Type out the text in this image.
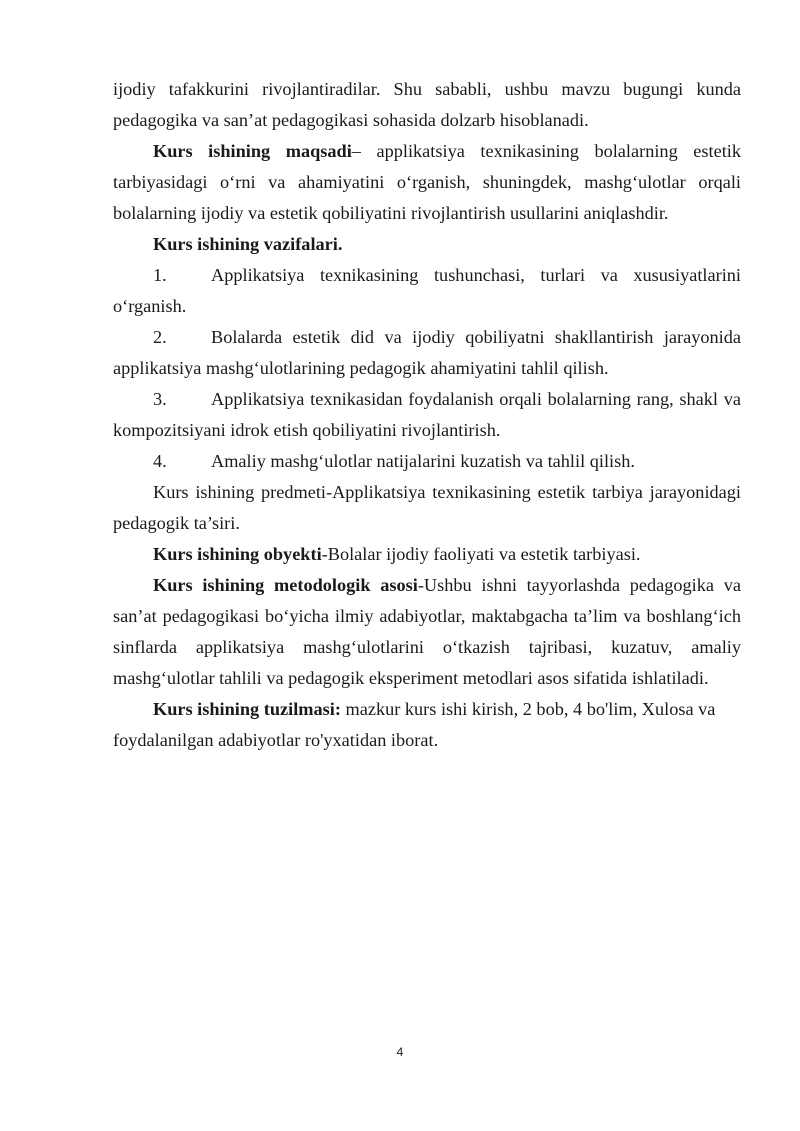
ijodiy tafakkurini rivojlantiradilar. Shu sababli, ushbu mavzu bugungi kunda pedagogika va san’at pedagogikasi sohasida dolzarb hisoblanadi.

Kurs ishining maqsadi– applikatsiya texnikasining bolalarning estetik tarbiyasidagi o‘rni va ahamiyatini o‘rganish, shuningdek, mashg‘ulotlar orqali bolalarning ijodiy va estetik qobiliyatini rivojlantirish usullarini aniqlashdir.

Kurs ishining vazifalari.

1. Applikatsiya texnikasining tushunchasi, turlari va xususiyatlarini o‘rganish.

2. Bolalarda estetik did va ijodiy qobiliyatni shakllantirish jarayonida applikatsiya mashg‘ulotlarining pedagogik ahamiyatini tahlil qilish.

3. Applikatsiya texnikasidan foydalanish orqali bolalarning rang, shakl va kompozitsiyani idrok etish qobiliyatini rivojlantirish.

4. Amaliy mashg‘ulotlar natijalarini kuzatish va tahlil qilish.

Kurs ishining predmeti-Applikatsiya texnikasining estetik tarbiya jarayonidagi pedagogik ta’siri.

Kurs ishining obyekti-Bolalar ijodiy faoliyati va estetik tarbiyasi.

Kurs ishining metodologik asosi-Ushbu ishni tayyorlashda pedagogika va san’at pedagogikasi bo‘yicha ilmiy adabiyotlar, maktabgacha ta’lim va boshlang‘ich sinflarda applikatsiya mashg‘ulotlarini o‘tkazish tajribasi, kuzatuv, amaliy mashg‘ulotlar tahlili va pedagogik eksperiment metodlari asos sifatida ishlatiladi.

Kurs ishining tuzilmasi: mazkur kurs ishi kirish, 2 bob, 4 bo'lim, Xulosa va foydalanilgan adabiyotlar ro'yxatidan iborat.

4
